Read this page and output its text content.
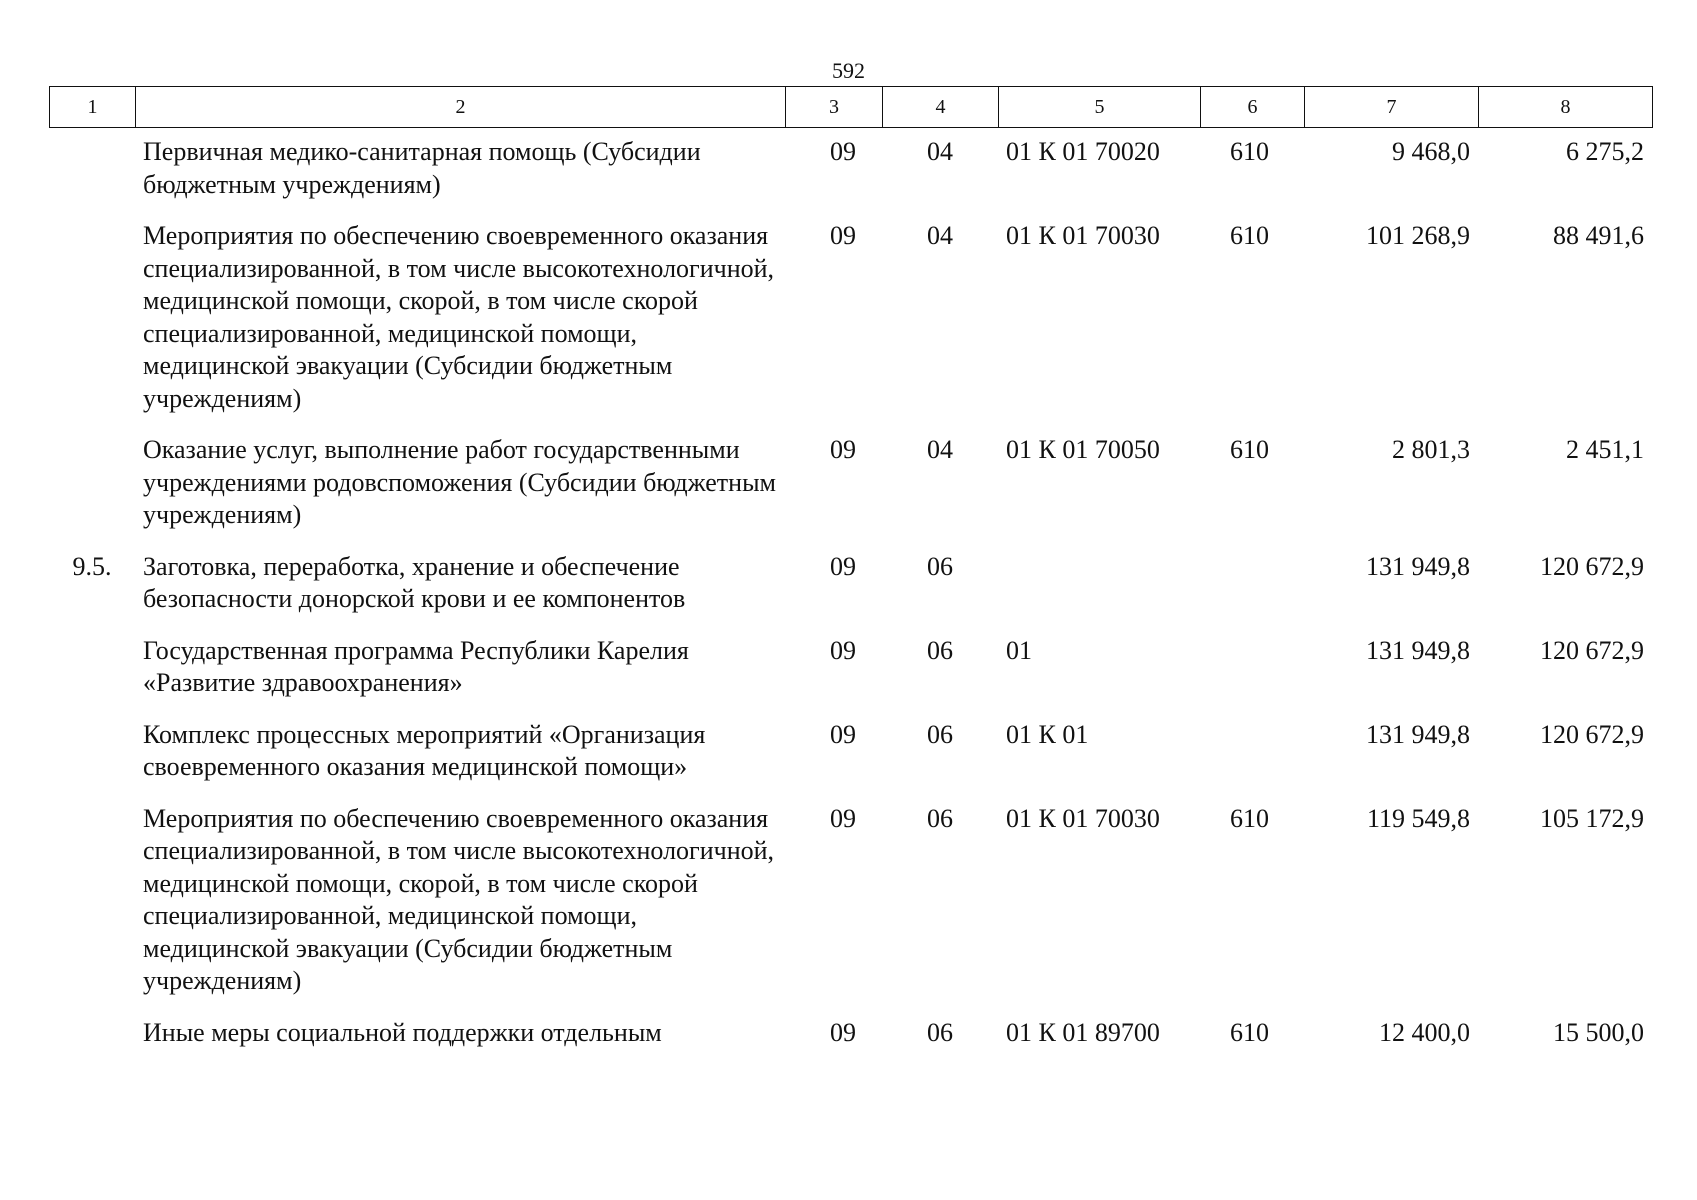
592
1	2	3	4	5	6	7	8
	Первичная медико-санитарная помощь (Субсидии бюджетным учреждениям)	09	04	01 К 01 70020	610	9 468,0	6 275,2
	Мероприятия по обеспечению своевременного оказания специализированной, в том числе высокотехнологичной, медицинской помощи, скорой, в том числе скорой специализированной, медицинской помощи, медицинской эвакуации (Субсидии бюджетным учреждениям)	09	04	01 К 01 70030	610	101 268,9	88 491,6
	Оказание услуг, выполнение работ государственными учреждениями родовспоможения (Субсидии бюджетным учреждениям)	09	04	01 К 01 70050	610	2 801,3	2 451,1
9.5.	Заготовка, переработка, хранение и обеспечение безопасности донорской крови и ее компонентов	09	06			131 949,8	120 672,9
	Государственная программа Республики Карелия «Развитие здравоохранения»	09	06	01		131 949,8	120 672,9
	Комплекс процессных мероприятий «Организация своевременного оказания медицинской помощи»	09	06	01 К 01		131 949,8	120 672,9
	Мероприятия по обеспечению своевременного оказания специализированной, в том числе высокотехнологичной, медицинской помощи, скорой, в том числе скорой специализированной, медицинской помощи, медицинской эвакуации (Субсидии бюджетным учреждениям)	09	06	01 К 01 70030	610	119 549,8	105 172,9
	Иные меры социальной поддержки отдельным	09	06	01 К 01 89700	610	12 400,0	15 500,0
